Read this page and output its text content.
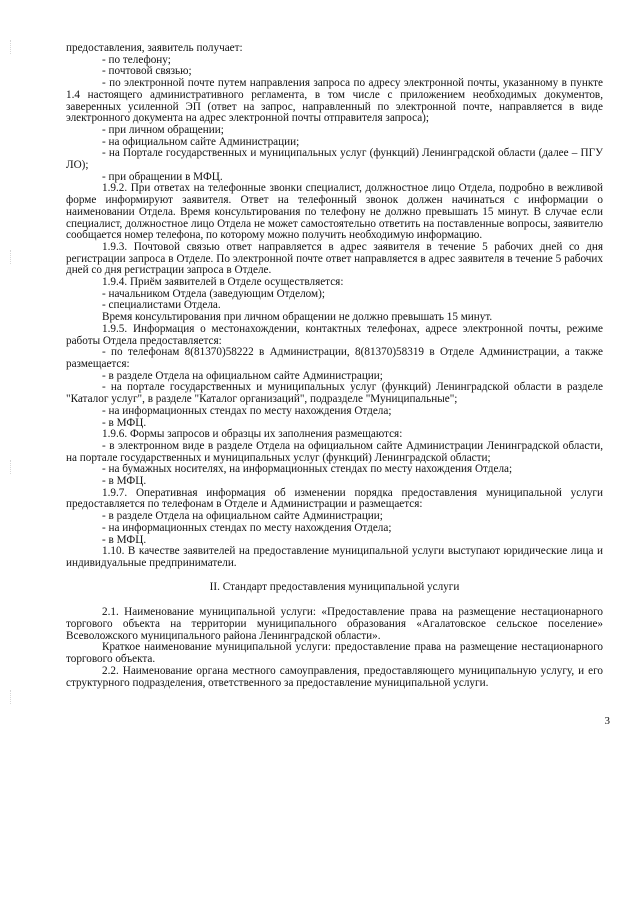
предоставления, заявитель получает:

- по телефону;

- почтовой связью;

- по электронной почте путем направления запроса по адресу электронной почты, указанному в пункте 1.4 настоящего административного регламента, в том числе с приложением необходимых документов, заверенных усиленной ЭП (ответ на запрос, направленный по электронной почте, направляется в виде электронного документа на адрес электронной почты отправителя запроса);

- при личном обращении;

- на официальном сайте Администрации;

- на Портале государственных и муниципальных услуг (функций) Ленинградской области (далее – ПГУ ЛО);

- при обращении в МФЦ.

1.9.2. При ответах на телефонные звонки специалист, должностное лицо Отдела, подробно в вежливой форме информируют заявителя. Ответ на телефонный звонок должен начинаться с информации о наименовании Отдела. Время консультирования по телефону не должно превышать 15 минут. В случае если специалист, должностное лицо Отдела не может самостоятельно ответить на поставленные вопросы, заявителю сообщается номер телефона, по которому можно получить необходимую информацию.

1.9.3. Почтовой связью ответ направляется в адрес заявителя в течение 5 рабочих дней со дня регистрации запроса в Отделе. По электронной почте ответ направляется в адрес заявителя в течение 5 рабочих дней со дня регистрации запроса в Отделе.

1.9.4. Приём заявителей в Отделе осуществляется:

- начальником Отдела (заведующим Отделом);

- специалистами Отдела.

Время консультирования при личном обращении не должно превышать 15 минут.

1.9.5. Информация о местонахождении, контактных телефонах, адресе электронной почты, режиме работы Отдела предоставляется:

- по телефонам 8(81370)58222 в Администрации, 8(81370)58319 в Отделе Администрации, а также размещается:

- в разделе Отдела на официальном сайте Администрации;

- на портале государственных и муниципальных услуг (функций) Ленинградской области в разделе "Каталог услуг", в разделе "Каталог организаций", подразделе "Муниципальные";

- на информационных стендах по месту нахождения Отдела;

- в МФЦ.

1.9.6. Формы запросов и образцы их заполнения размещаются:

- в электронном виде в разделе Отдела на официальном сайте Администрации Ленинградской области, на портале государственных и муниципальных услуг (функций) Ленинградской области;

- на бумажных носителях, на информационных стендах по месту нахождения Отдела;

- в МФЦ.

1.9.7. Оперативная информация об изменении порядка предоставления муниципальной услуги предоставляется по телефонам в Отделе и Администрации и размещается:

- в разделе Отдела на официальном сайте Администрации;

- на информационных стендах по месту нахождения Отдела;

- в МФЦ.

1.10. В качестве заявителей на предоставление муниципальной услуги выступают юридические лица и индивидуальные предприниматели.

II. Стандарт предоставления муниципальной услуги

2.1. Наименование муниципальной услуги: «Предоставление права на размещение нестационарного торгового объекта на территории муниципального образования «Агалатовское сельское поселение» Всеволожского муниципального района Ленинградской области».

Краткое наименование муниципальной услуги: предоставление права на размещение нестационарного торгового объекта.

2.2. Наименование органа местного самоуправления, предоставляющего муниципальную услугу, и его структурного подразделения, ответственного за предоставление муниципальной услуги.

3
